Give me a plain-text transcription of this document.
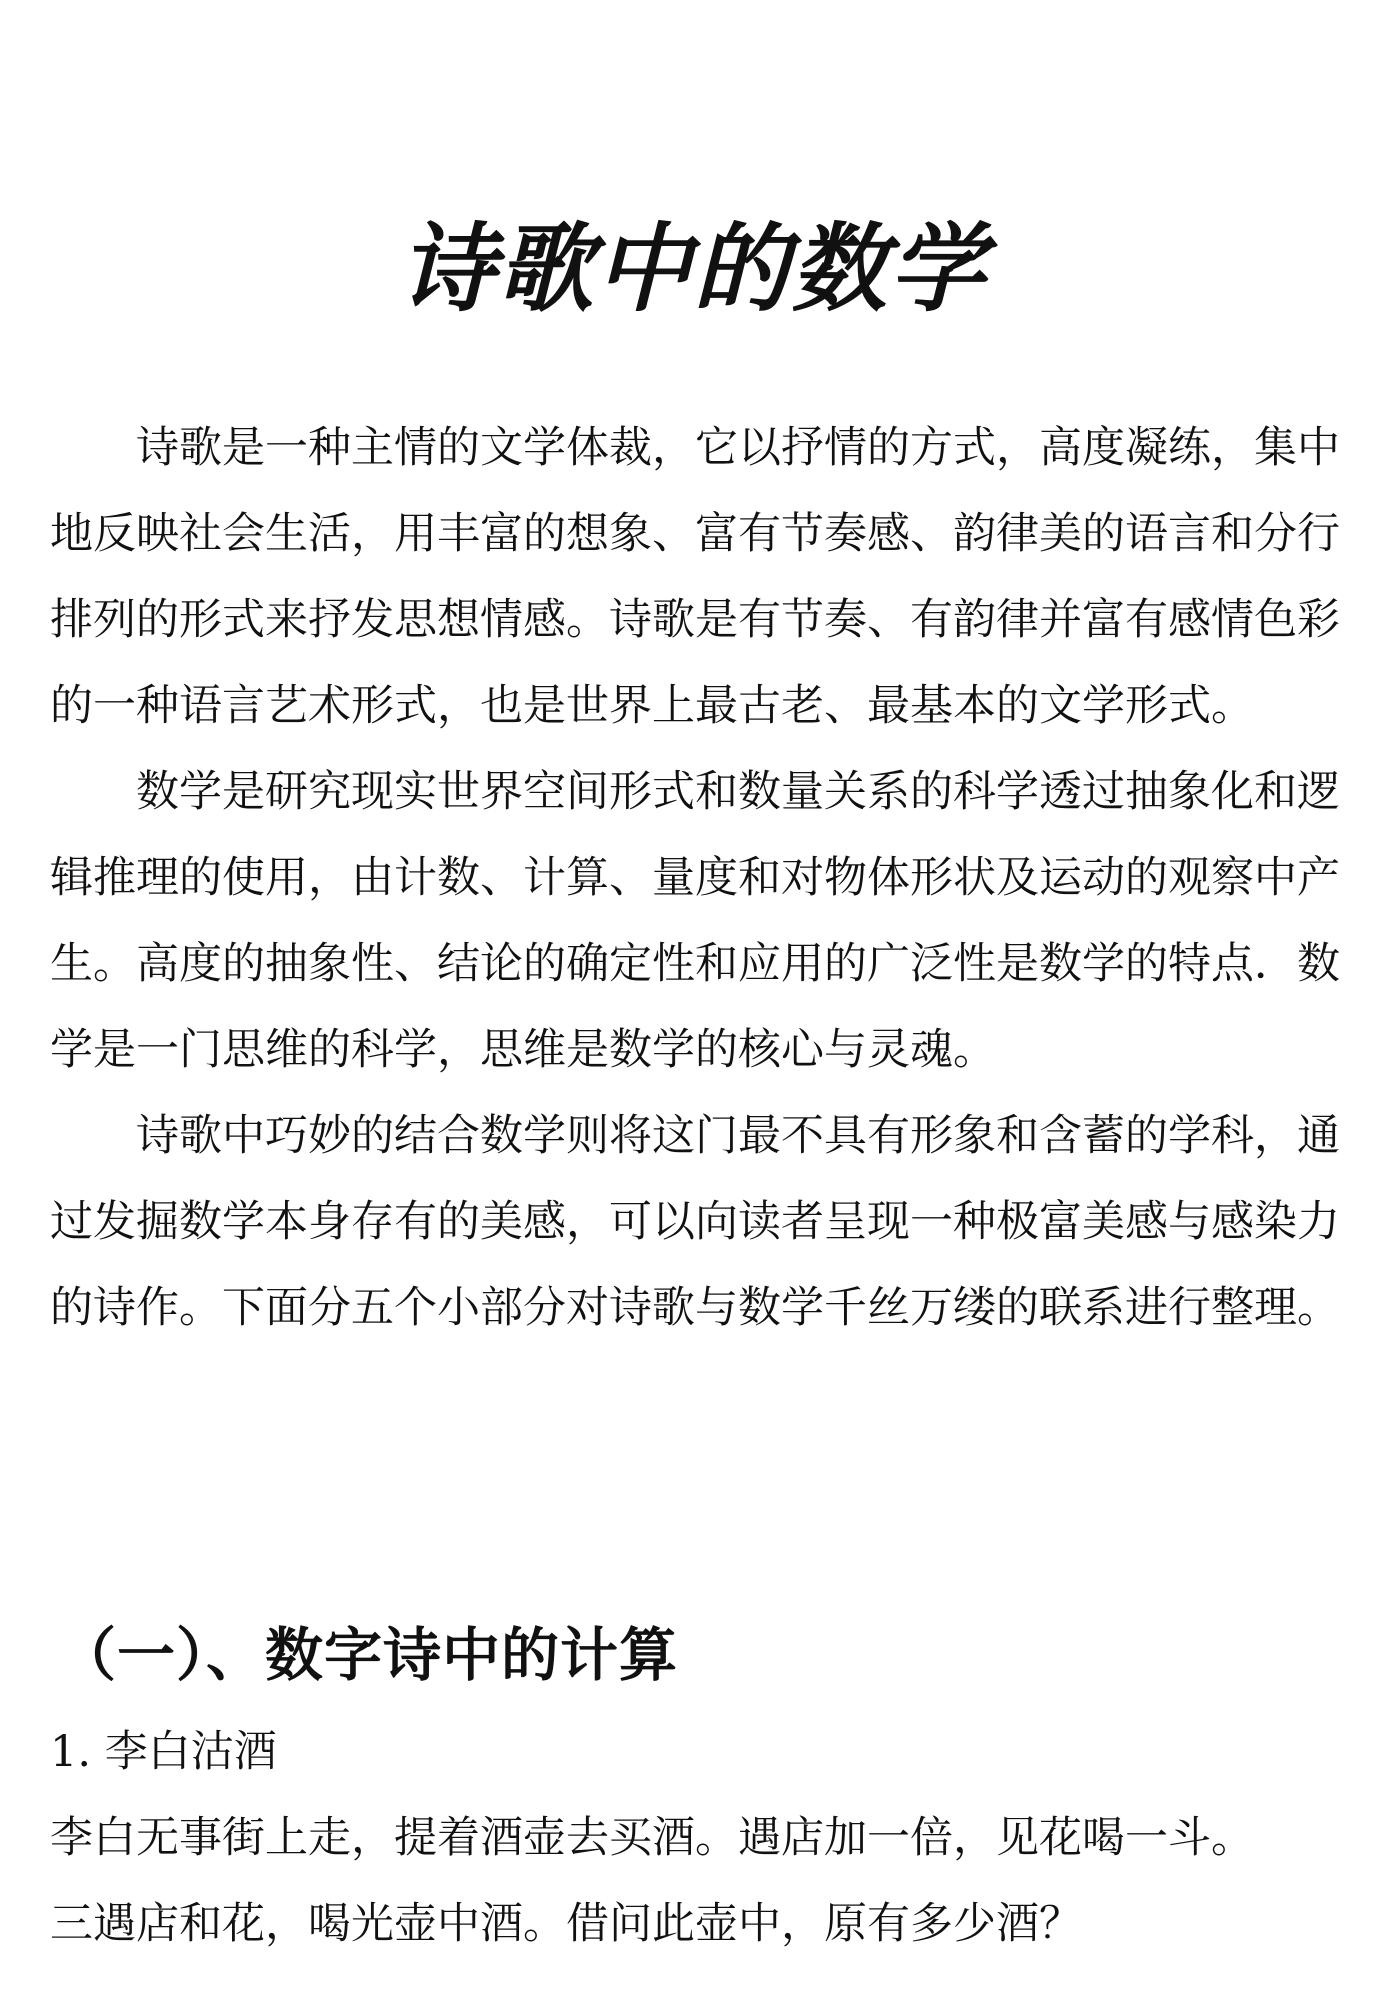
诗歌中的数学

诗歌是一种主情的文学体裁，它以抒情的方式，高度凝练，集中地反映社会生活，用丰富的想象、富有节奏感、韵律美的语言和分行排列的形式来抒发思想情感。诗歌是有节奏、有韵律并富有感情色彩的一种语言艺术形式，也是世界上最古老、最基本的文学形式。

数学是研究现实世界空间形式和数量关系的科学透过抽象化和逻辑推理的使用，由计数、计算、量度和对物体形状及运动的观察中产生。高度的抽象性、结论的确定性和应用的广泛性是数学的特点．数学是一门思维的科学，思维是数学的核心与灵魂。

诗歌中巧妙的结合数学则将这门最不具有形象和含蓄的学科，通过发掘数学本身存有的美感，可以向读者呈现一种极富美感与感染力的诗作。下面分五个小部分对诗歌与数学千丝万缕的联系进行整理。

（一）、数字诗中的计算
1. 李白沽酒

李白无事街上走，提着酒壶去买酒。遇店加一倍，见花喝一斗。

三遇店和花，喝光壶中酒。借问此壶中，原有多少酒？
